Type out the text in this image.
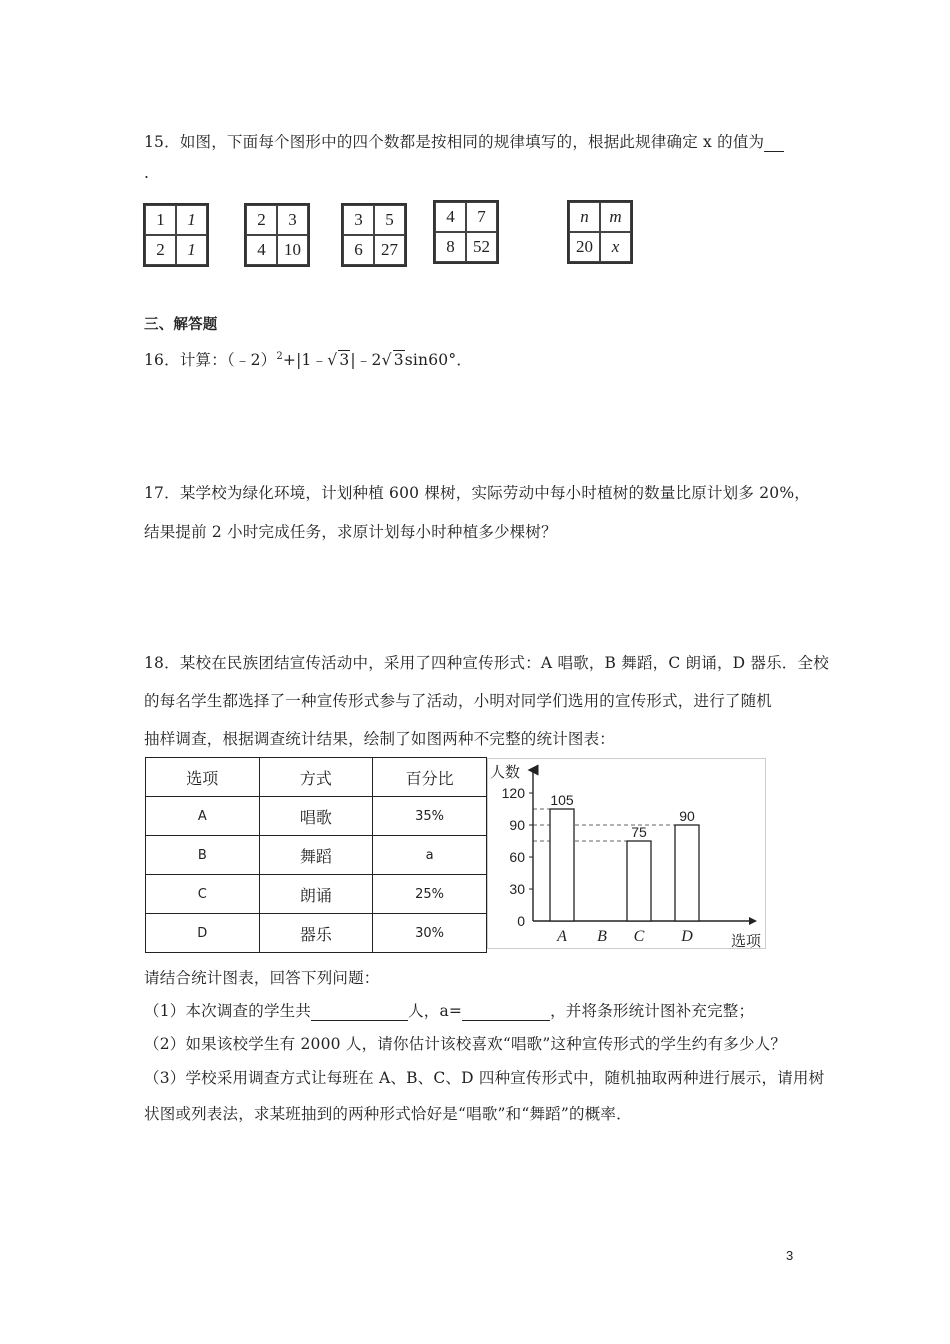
15．如图，下面每个图形中的四个数都是按相同的规律填写的，根据此规律确定 x 的值为
.
1	1
2	1
2	3
4	10
3	5
6	27
4	7
8	52
n	m
20	x
三、解答题
16．计算：（﹣2）$^2$+|1﹣√ 3|﹣2√ 3sin60°．
17．某学校为绿化环境，计划种植 600 棵树，实际劳动中每小时植树的数量比原计划多 20%，
结果提前 2 小时完成任务，求原计划每小时种植多少棵树？
18．某校在民族团结宣传活动中，采用了四种宣传形式：A 唱歌，B 舞蹈，C 朗诵，D 器乐．全校
的每名学生都选择了一种宣传形式参与了活动，小明对同学们选用的宣传形式，进行了随机
抽样调查，根据调查统计结果，绘制了如图两种不完整的统计图表：
选项	方式	百分比
A	唱歌	35%
B	舞蹈	a
C	朗诵	25%
D	器乐	30%
人数
选项
0
30
60
90
120 105
A B
75
C
90
D
请结合统计图表，回答下列问题：
（1）本次调查的学生共	人，a=	，并将条形统计图补充完整；
（2）如果该校学生有 2000 人，请你估计该校喜欢“唱歌”这种宣传形式的学生约有多少人？
（3）学校采用调查方式让每班在 A、B、C、D 四种宣传形式中，随机抽取两种进行展示，请用树
状图或列表法，求某班抽到的两种形式恰好是“唱歌”和“舞蹈”的概率．
3
